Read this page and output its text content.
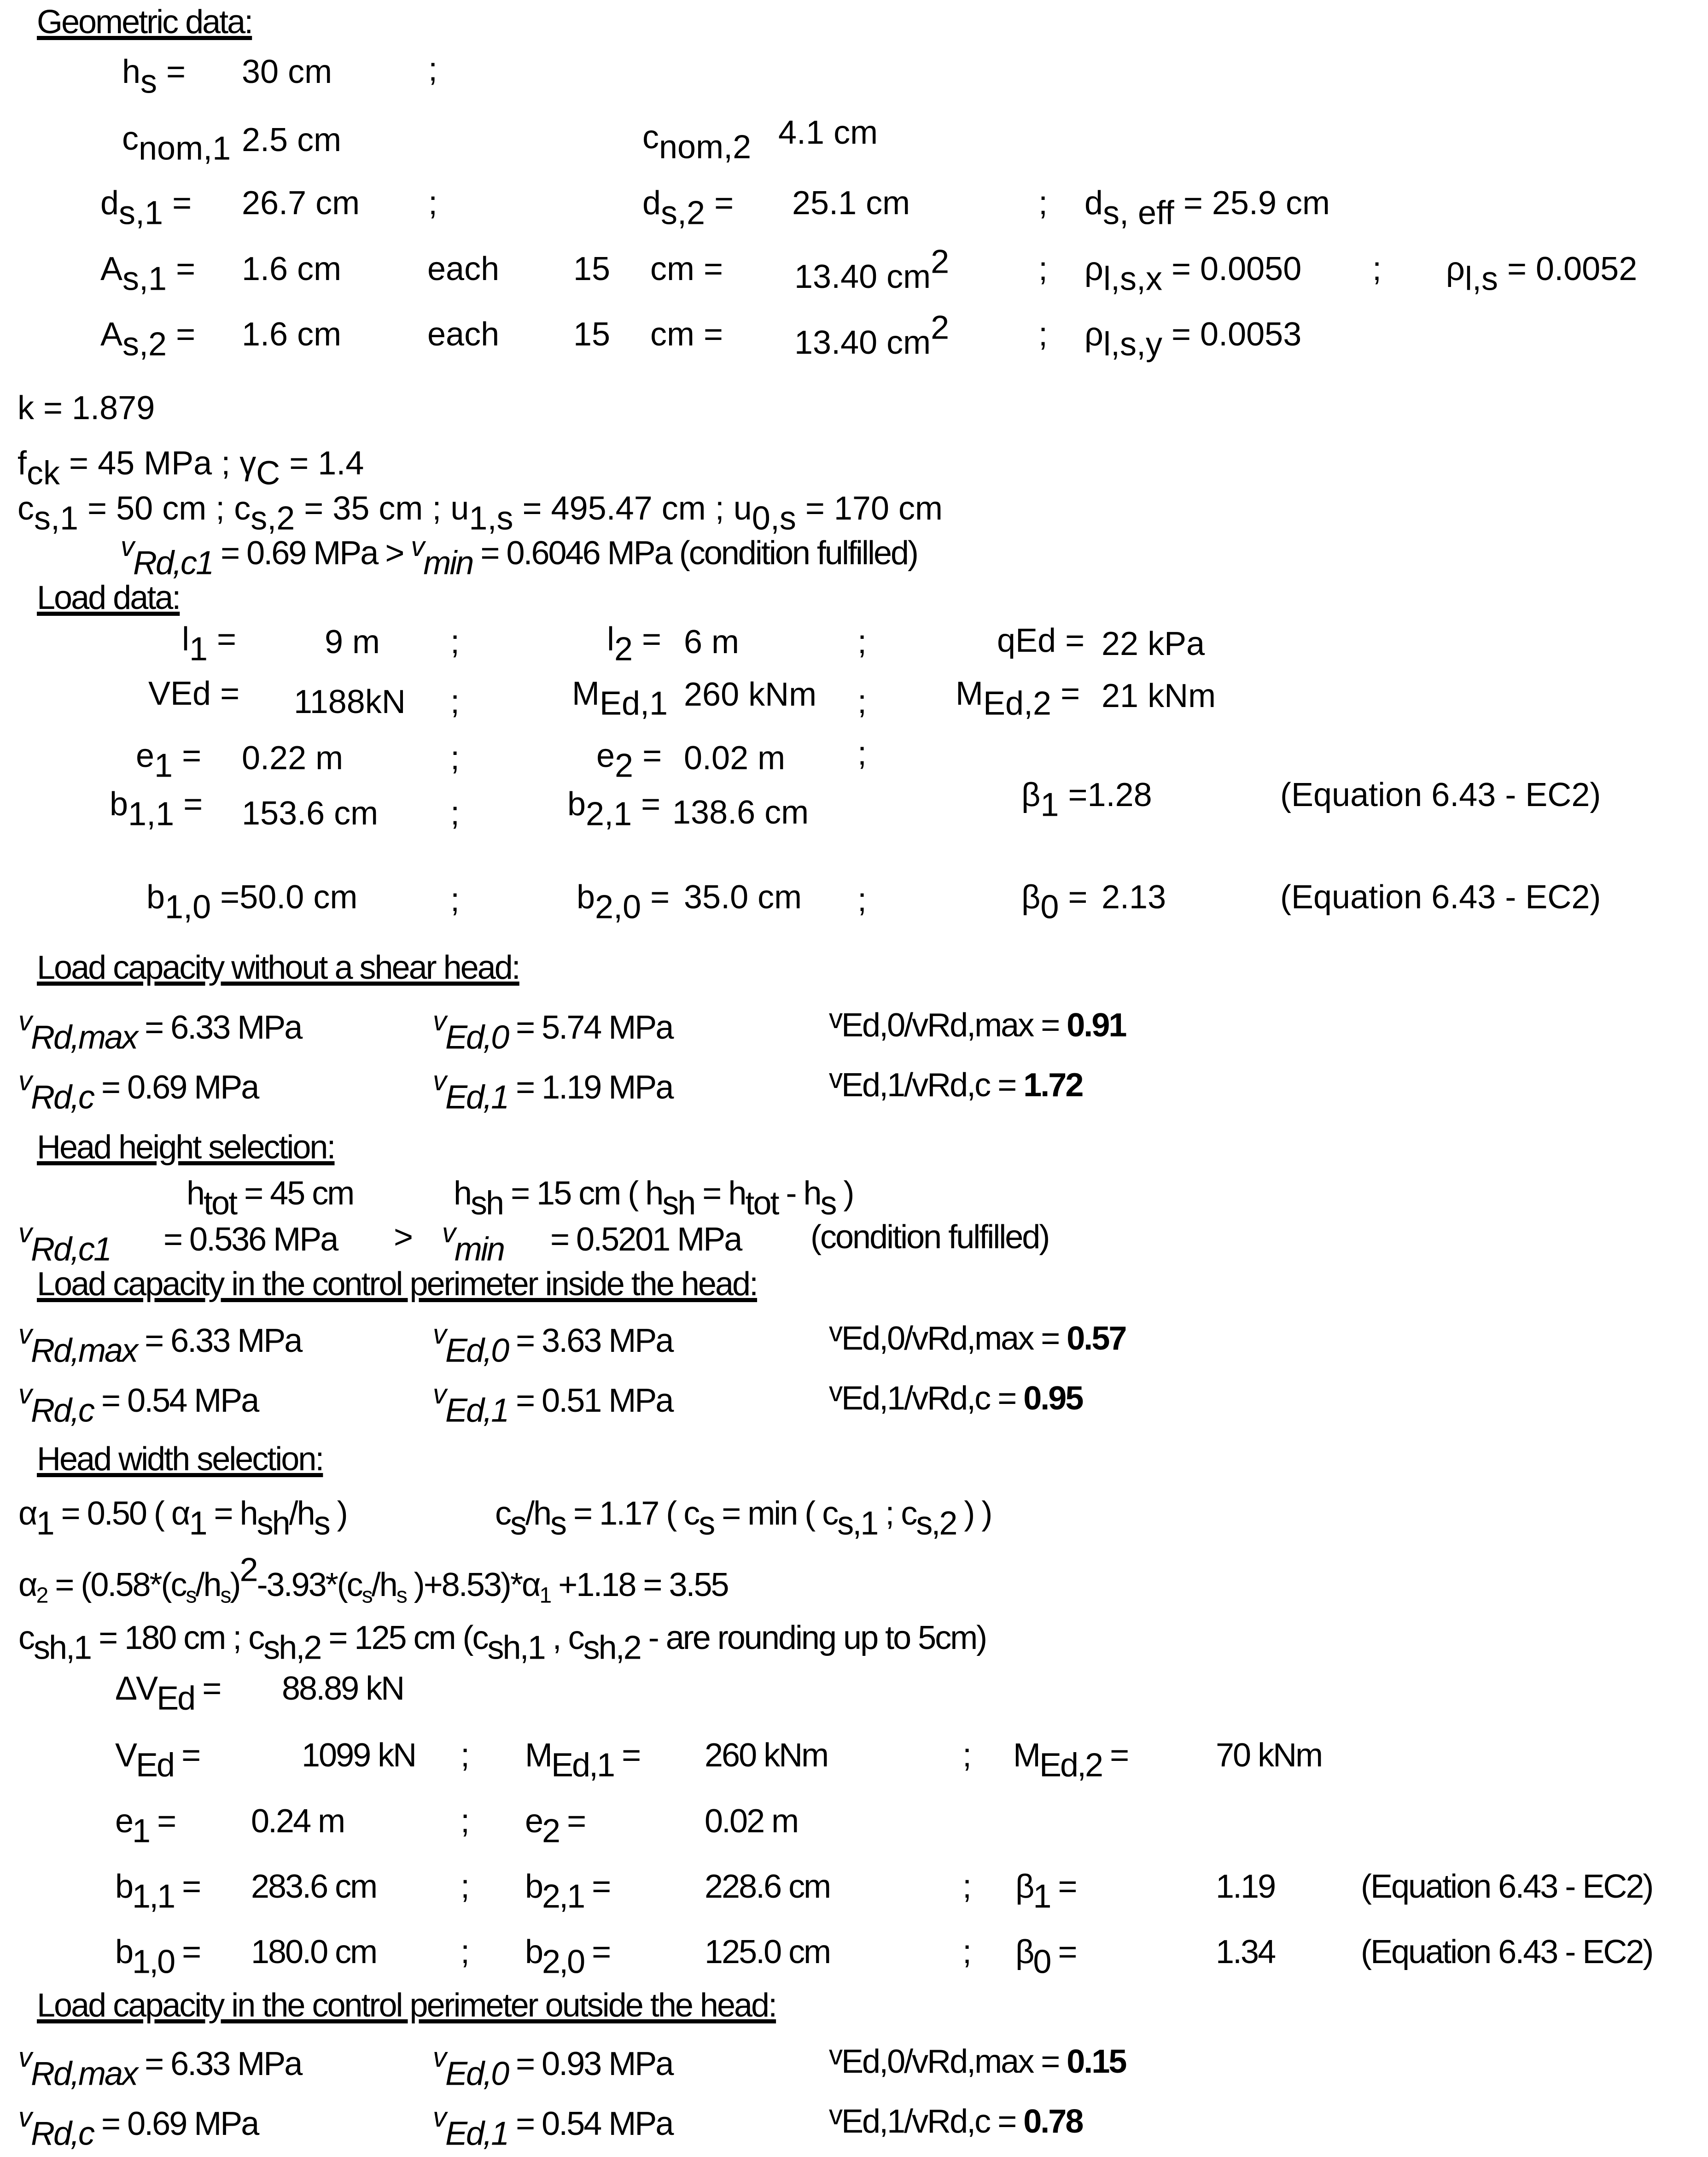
Geometric data:
$h_s = 30$ cm	;
$c_{nom,1}$ 2.5 cm	$c_{nom,2}$ 4.1 cm
$d_{s,1} = 26.7$ cm ;	$d_{s,2} = 25.1$ cm	; $d_{s, eff} = 25.9$ cm
$A_{s,1} = 1.6$ cm	each 15 cm = 13.40 $cm^2$	; $\rho_{l,s,x} = 0.0050$ ; $\rho_{l,s} = 0.0052$
$A_{s,2} = 1.6$ cm	each 15 cm = 13.40 $cm^2$	; $\rho_{l,s,y} = 0.0053$
k = 1.879
$f_{ck} = 45$ MPa ; $\gamma_C = 1.4$
$c_{s,1} = 50$ cm ; $c_{s,2} = 35$ cm ; $u_{1,s} = 495.47$ cm ; $u_{0,s} = 170$ cm
$^v_{Rd,c1}$ = 0.69 MPa > $^v_{min}$ = 0.6046 MPa (condition fulfilled)
Load data:
$l_1$ =	9 m ;	$l_2 = 6$ m	;	qEd = 22 kPa
VEd = 1188kN ;	$M_{Ed,1}$ 260 kNm ;	$M_{Ed,2} = 21$ kNm
$e_1 = 0.22$ m	;	$e_2 = 0.02$ m ;
$b_{1,1} = 153.6$ cm ;	$b_{2,1} = 138.6$ cm	$\beta_1 =1.28$	(Equation 6.43 - EC2)
$b_{1,0} =50.0$ cm	;	$b_{2,0} = 35.0$ cm ;	$\beta_0 = 2.13$	(Equation 6.43 - EC2)
Load capacity without a shear head:
$^v_{Rd,max}$ = 6.33 MPa	$^v_{Ed,0}$ = 5.74 MPa	$^v$Ed,0/vRd,max = 0.91
$^v_{Rd,c}$ = 0.69 MPa	$^v_{Ed,1}$ = 1.19 MPa	$^v$Ed,1/vRd,c = 1.72
Head height selection:
$h_{tot} = 45$ cm	$h_{sh} = 15$ cm ( $h_{sh} = h_{tot} - h_s$ )
$^v_{Rd,c1}$ = 0.536 MPa > $^v_{min}$ = 0.5201 MPa (condition fulfilled)
Load capacity in the control perimeter inside the head:
$^v_{Rd,max}$ = 6.33 MPa	$^v_{Ed,0}$ = 3.63 MPa	$^v$Ed,0/vRd,max = 0.57
$^v_{Rd,c}$ = 0.54 MPa	$^v_{Ed,1}$ = 0.51 MPa	$^v$Ed,1/vRd,c = 0.95
Head width selection:
$\alpha_1 = 0.50$ ( $\alpha_1 = h_{sh}/h_s$ )	$c_s/h_s = 1.17$ ( $c_s = \min$ ( $c_{s,1}$ ; $c_{s,2}$ ) )
$\alpha_2 = (0.58*(c_s/h_s)^2-3.93*(c_s/h_s$ )$+8.53)*\alpha_1 +1.18 = 3.55$
$c_{sh,1} = 180$ cm ; $c_{sh,2} = 125$ cm ($c_{sh,1}$ , $c_{sh,2}$ - are rounding up to 5cm)
$\Delta V_{Ed} = 88.89$ kN
$V_{Ed}$ =	1099 kN ; $M_{Ed,1} = 260$ kNm	; $M_{Ed,2}$ =	70 kNm
$e_1 = 0.24$ m	; $e_2$ =	0.02 m
$b_{1,1} = 283.6$ cm	; $b_{2,1}$ =	228.6 cm	; $\beta_1$ =	1.19	(Equation 6.43 - EC2)
$b_{1,0} = 180.0$ cm	; $b_{2,0}$ =	125.0 cm	; $\beta_0$ =	1.34	(Equation 6.43 - EC2)
Load capacity in the control perimeter outside the head:
$^v_{Rd,max}$ = 6.33 MPa	$^v_{Ed,0}$ = 0.93 MPa	$^v$Ed,0/vRd,max = 0.15
$^v_{Rd,c}$ = 0.69 MPa	$^v_{Ed,1}$ = 0.54 MPa	$^v$Ed,1/vRd,c = 0.78
